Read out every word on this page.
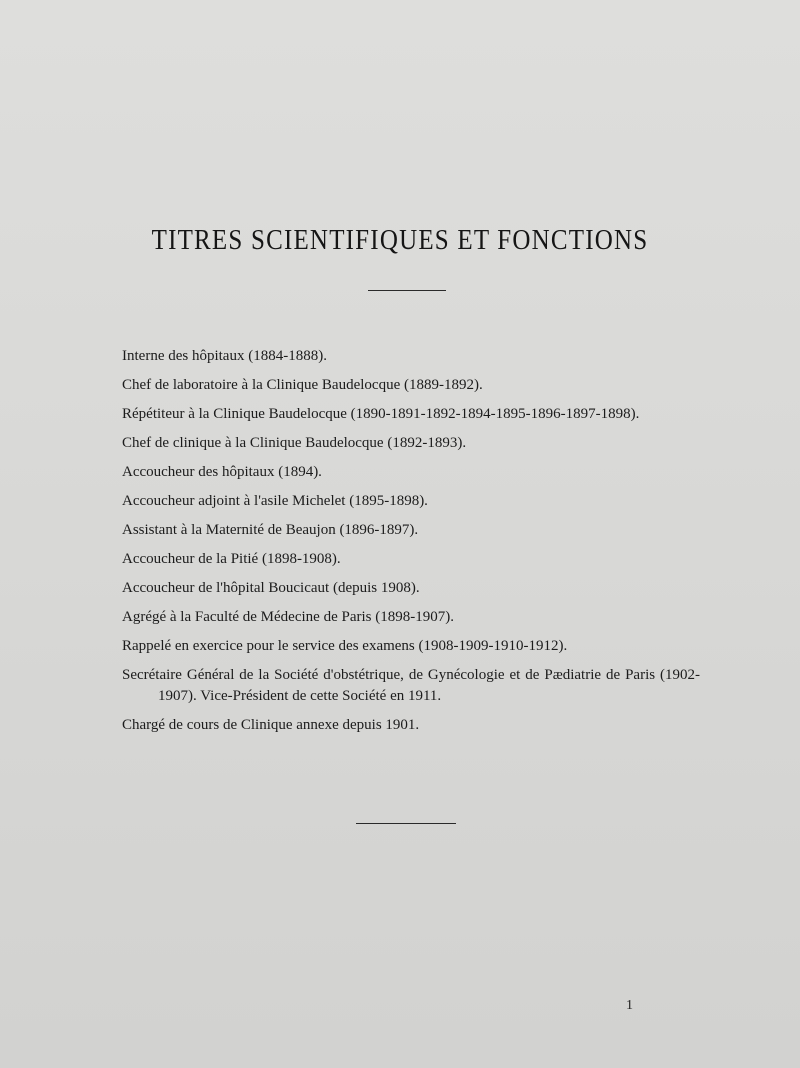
TITRES SCIENTIFIQUES ET FONCTIONS
Interne des hôpitaux (1884-1888).
Chef de laboratoire à la Clinique Baudelocque (1889-1892).
Répétiteur à la Clinique Baudelocque (1890-1891-1892-1894-1895-1896-1897-1898).
Chef de clinique à la Clinique Baudelocque (1892-1893).
Accoucheur des hôpitaux (1894).
Accoucheur adjoint à l'asile Michelet (1895-1898).
Assistant à la Maternité de Beaujon (1896-1897).
Accoucheur de la Pitié (1898-1908).
Accoucheur de l'hôpital Boucicaut (depuis 1908).
Agrégé à la Faculté de Médecine de Paris (1898-1907).
Rappelé en exercice pour le service des examens (1908-1909-1910-1912).
Secrétaire Général de la Société d'obstétrique, de Gynécologie et de Pædiatrie de Paris (1902-1907). Vice-Président de cette Société en 1911.
Chargé de cours de Clinique annexe depuis 1901.
1
